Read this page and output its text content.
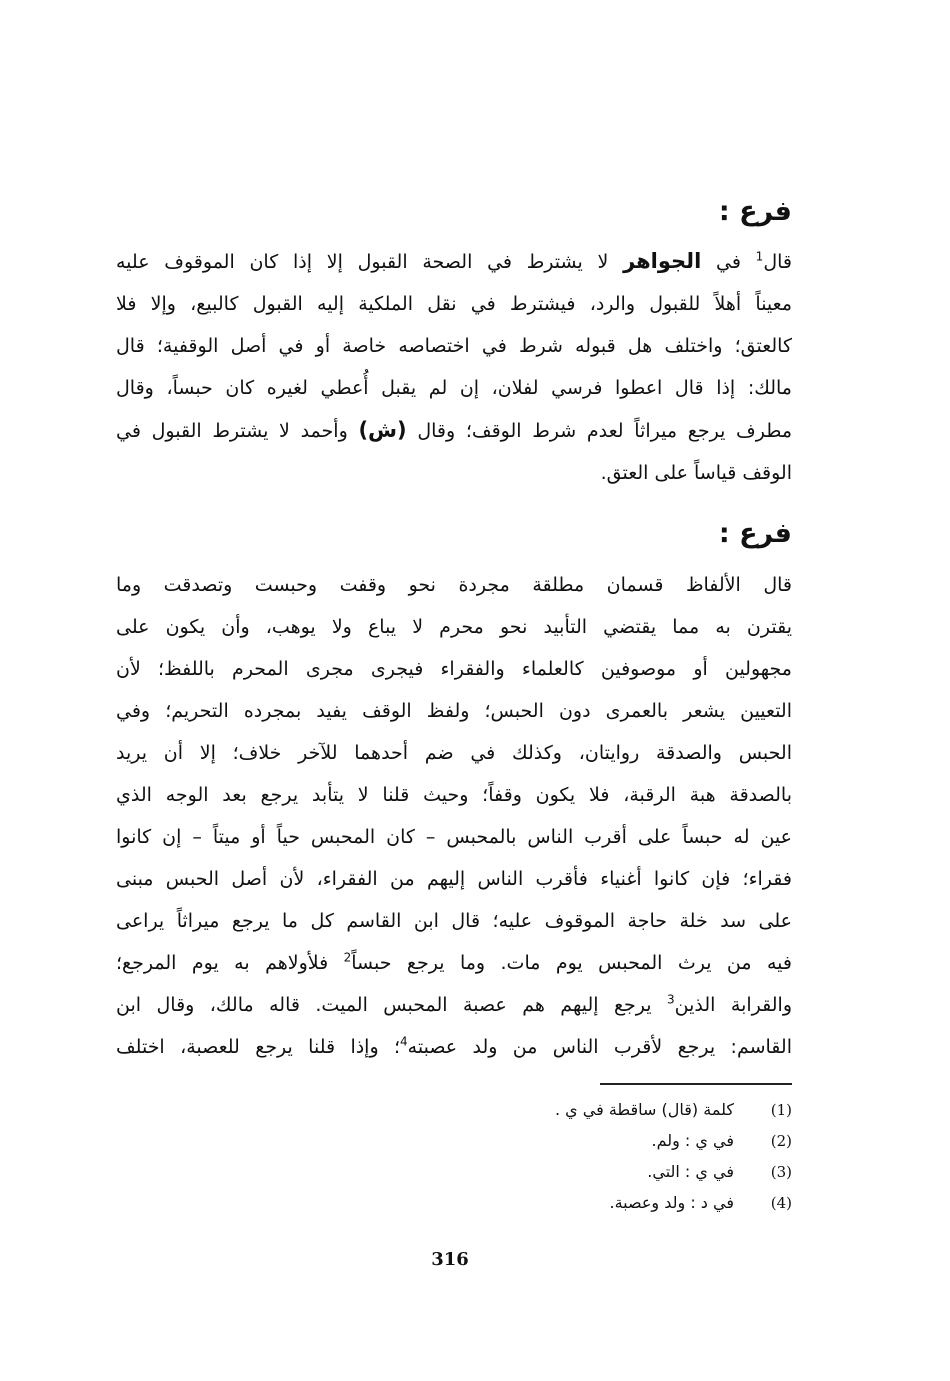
فرع :

قال$^1$ في الجواهر لا يشترط في الصحة القبول إلا إذا كان الموقوف عليه
معيناً أهلاً للقبول والرد، فيشترط في نقل الملكية إليه القبول كالبيع، وإلا فلا
كالعتق؛ واختلف هل قبوله شرط في اختصاصه خاصة أو في أصل الوقفية؛ قال
مالك: إذا قال اعطوا فرسي لفلان، إن لم يقبل أُعطي لغيره كان حبساً، وقال
مطرف يرجع ميراثاً لعدم شرط الوقف؛ وقال (ش) وأحمد لا يشترط القبول في
الوقف قياساً على العتق.

فرع :

قال الألفاظ قسمان مطلقة مجردة نحو وقفت وحبست وتصدقت وما
يقترن به مما يقتضي التأبيد نحو محرم لا يباع ولا يوهب، وأن يكون على
مجهولين أو موصوفين كالعلماء والفقراء فيجرى مجرى المحرم باللفظ؛ لأن
التعيين يشعر بالعمرى دون الحبس؛ ولفظ الوقف يفيد بمجرده التحريم؛ وفي
الحبس والصدقة روايتان، وكذلك في ضم أحدهما للآخر خلاف؛ إلا أن يريد
بالصدقة هبة الرقبة، فلا يكون وقفاً؛ وحيث قلنا لا يتأبد يرجع بعد الوجه الذي
عين له حبساً على أقرب الناس بالمحبس – كان المحبس حياً أو ميتاً – إن كانوا
فقراء؛ فإن كانوا أغنياء فأقرب الناس إليهم من الفقراء، لأن أصل الحبس مبنى
على سد خلة حاجة الموقوف عليه؛ قال ابن القاسم كل ما يرجع ميراثاً يراعى
فيه من يرث المحبس يوم مات. وما يرجع حبساً$^2$ فلأولاهم به يوم المرجع؛
والقرابة الذين$^3$ يرجع إليهم هم عصبة المحبس الميت. قاله مالك، وقال ابن
القاسم: يرجع لأقرب الناس من ولد عصبته$^4$؛ وإذا قلنا يرجع للعصبة، اختلف

(1)
كلمة (قال) ساقطة في ي .
(2)
في ي : ولم.
(3)
في ي : التي.
(4)
في د : ولد وعصبة.
316
